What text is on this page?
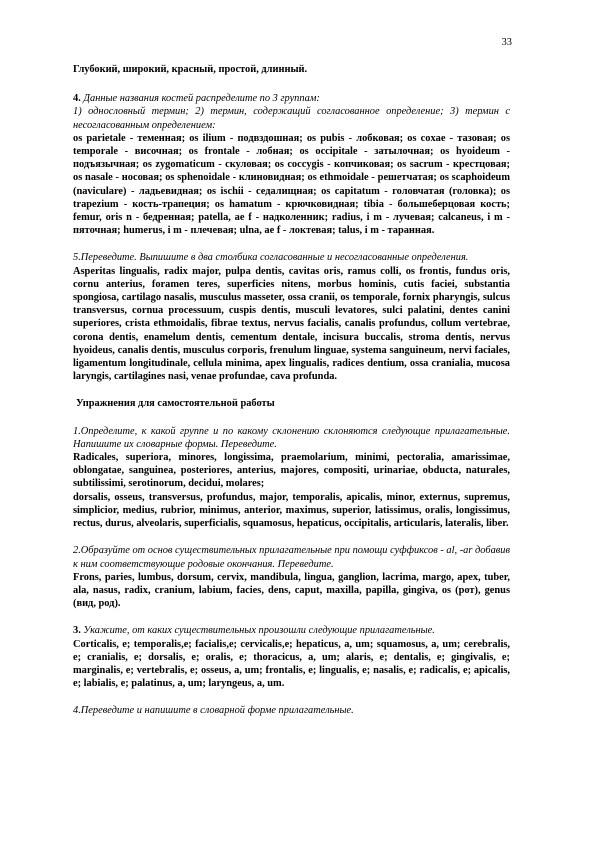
33

Глубокий, широкий, красный, простой, длинный.

4. Данные названия костей распределите по 3 группам:

1) однословный термин; 2) термин, содержащий согласованное определение; 3) термин с несогласованным определением:

os parietale - теменная; os ilium - подвздошная; os pubis - лобковая; os coxae - тазовая; os temporale - височная; os frontale - лобная; os occipitale - затылочная; os hyoideum - подъязычная; os zygomaticum - скуловая; os coccygis - копчиковая; os sacrum - крестцовая; os nasale - носовая; os sphenoidale - клиновидная; os ethmoidale - решетчатая; os scaphoideum (naviculare) - ладьевидная; os ischii - седалищная; os capitatum - головчатая (головка); os trapezium - кость-трапеция; os hamatum - крючковидная; tibia - большеберцовая кость; femur, oris n - бедренная; patella, ae f - надколенник; radius, i m - лучевая; calcaneus, i m - пяточная; humerus, i m - плечевая; ulna, ae f - локтевая; talus, i m - таранная.

5.Переведите. Выпишите в два столбика согласованные и несогласованные определения.

Asperitas lingualis, radix major, pulpa dentis, cavitas oris, ramus colli, os frontis, fundus oris, cornu anterius, foramen teres, superficies nitens, morbus hominis, cutis faciei, substantia spongiosa, cartilago nasalis, musculus masseter, ossa cranii, os temporale, fornix pharyngis, sulcus transversus, cornua processuum, cuspis dentis, musculi levatores, sulci palatini, dentes canini superiores, crista ethmoidalis, fibrae textus, nervus facialis, canalis profundus, collum vertebrae, corona dentis, enamelum dentis, cementum dentale, incisura buccalis, stroma dentis, nervus hyoideus, canalis dentis, musculus corporis, frenulum linguae, systema sanguineum, nervi faciales, ligamentum longitudinale, cellula minima, apex lingualis, radices dentium, ossa cranialia, mucosa laryngis, cartilagines nasi, venae profundae, cava profunda.

Упражнения для самостоятельной работы

1.Определите, к какой группе и по какому склонению склоняются следующие прилагательные. Напишите их словарные формы. Переведите.

Radicales, superiora, minores, longissima, praemolarium, minimi, pectoralia, amarissimae, oblongatae, sanguinea, posteriores, anterius, majores, compositi, urinariae, obducta, naturales, subtilissimi, serotinorum, decidui, molares;

dorsalis, osseus, transversus, profundus, major, temporalis, apicalis, minor, externus, supremus, simplicior, medius, rubrior, minimus, anterior, maximus, superior, latissimus, oralis, longissimus, rectus, durus, alveolaris, superficialis, squamosus, hepaticus, occipitalis, articularis, lateralis, liber.

2.Образуйте от основ существительных прилагательные при помощи суффиксов - al, -ar добавив к ним соответствующие родовые окончания. Переведите.

Frons, paries, lumbus, dorsum, cervix, mandibula, lingua, ganglion, lacrima, margo, apex, tuber, ala, nasus, radix, cranium, labium, facies, dens, caput, maxilla, papilla, gingiva, os (рот), genus (вид, род).

3. Укажите, от каких существительных произошли следующие прилагательные.

Corticalis, e; temporalis,e; facialis,e; cervicalis,e; hepaticus, a, um; squamosus, a, um; cerebralis, e; cranialis, e; dorsalis, e; oralis, e; thoracicus, a, um; alaris, e; dentalis, e; gingivalis, e; marginalis, e; vertebralis, e; osseus, a, um; frontalis, e; lingualis, e; nasalis, e; radicalis, e; apicalis, e; labialis, e; palatinus, a, um; laryngeus, a, um.

4.Переведите и напишите в словарной форме прилагательные.
